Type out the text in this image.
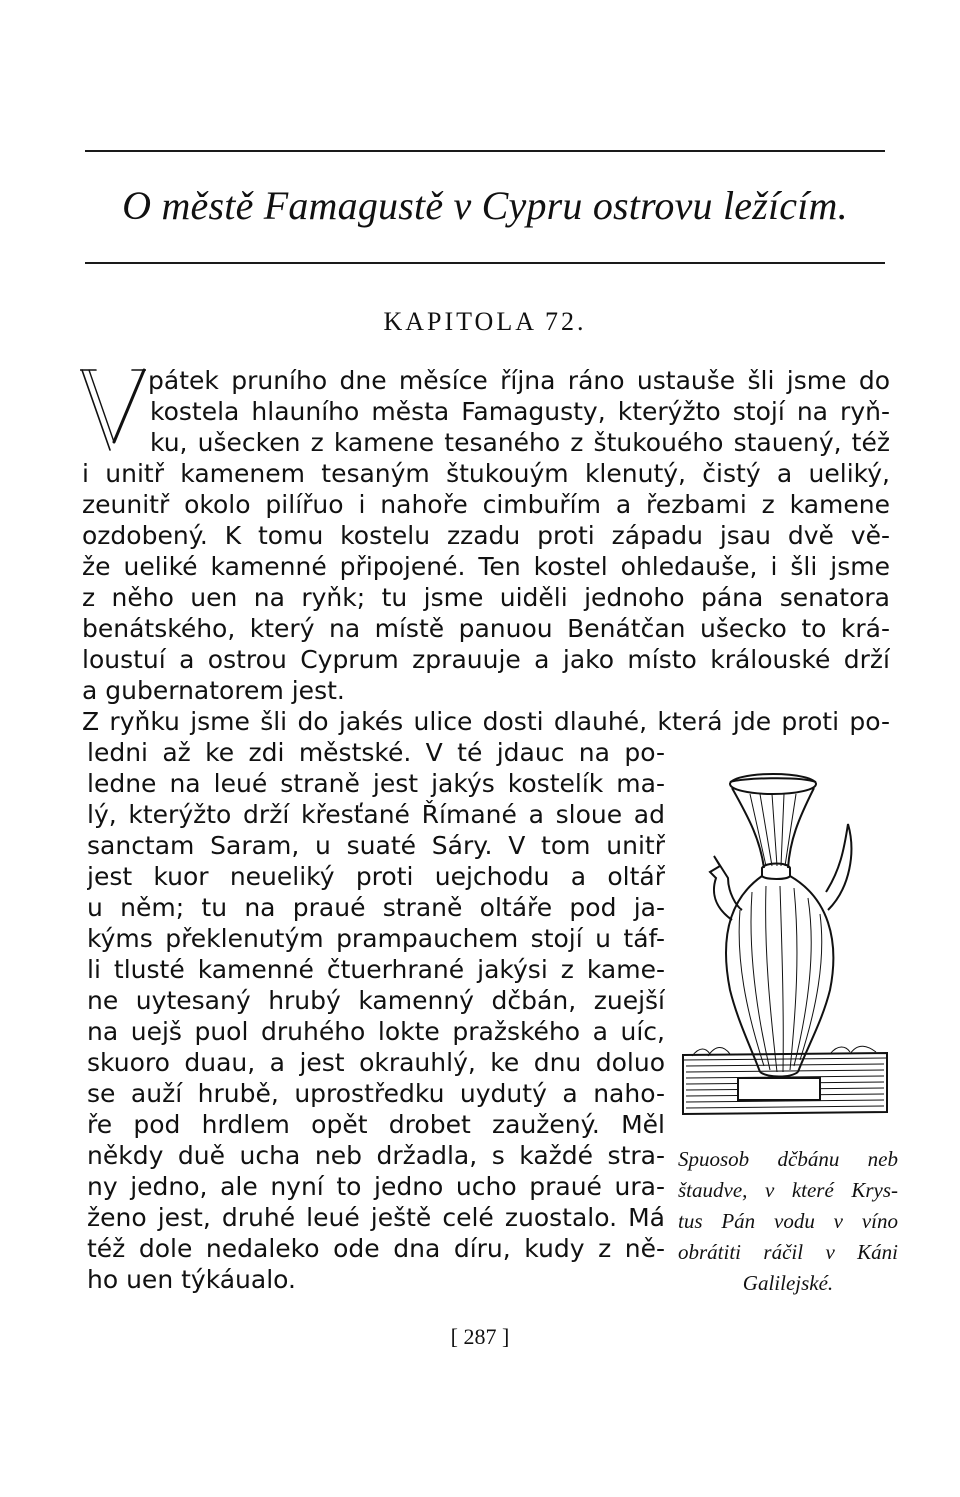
O městě Famagustě v Cypru ostrovu ležícím.
KAPITOLA 72.

pátek pruního dne měsíce října ráno ustauše šli jsme do

kostela hlauního města Famagusty, kterýžto stojí na ryň-

ku, ušecken z kamene tesaného z štukouého stauený, též

i unitř kamenem tesaným štukouým klenutý, čistý a ueliký,

zeunitř okolo pilířuo i nahoře cimbuřím a řezbami z kamene

ozdobený. K tomu kostelu zzadu proti západu jsau dvě vě-

že ueliké kamenné připojené. Ten kostel ohledauše, i šli jsme

z něho uen na ryňk; tu jsme uiděli jednoho pána senatora

benátského, který na místě panuou Benátčan ušecko to krá-

loustuí a ostrou Cyprum zprauuje a jako místo králouské drží

a gubernatorem jest.

Z ryňku jsme šli do jakés ulice dosti dlauhé, která jde proti po-

ledni až ke zdi městské. V té jdauc na po-

ledne na leué straně jest jakýs kostelík ma-

lý, kterýžto drží křesťané Římané a sloue ad

sanctam Saram, u suaté Sáry. V tom unitř

jest kuor neueliký proti uejchodu a oltář

u něm; tu na praué straně oltáře pod ja-

kýms překlenutým prampauchem stojí u táf-

li tlusté kamenné čtuerhrané jakýsi z kame-

ne uytesaný hrubý kamenný dčbán, zuejší

na uejš puol druhého lokte pražského a uíc,

skuoro duau, a jest okrauhlý, ke dnu doluo

se auží hrubě, uprostředku uydutý a naho-

ře pod hrdlem opět drobet zaužený. Měl

někdy duě ucha neb držadla, s každé stra-

ny jedno, ale nyní to jedno ucho praué ura-

ženo jest, druhé leué ještě celé zuostalo. Má

též dole nedaleko ode dna díru, kudy z ně-

ho uen týkáualo.

Spuosob dčbánu neb
štaudve, v které Krys-
tus Pán vodu v víno
obrátiti ráčil v Káni
Galilejské.
[ 287 ]
